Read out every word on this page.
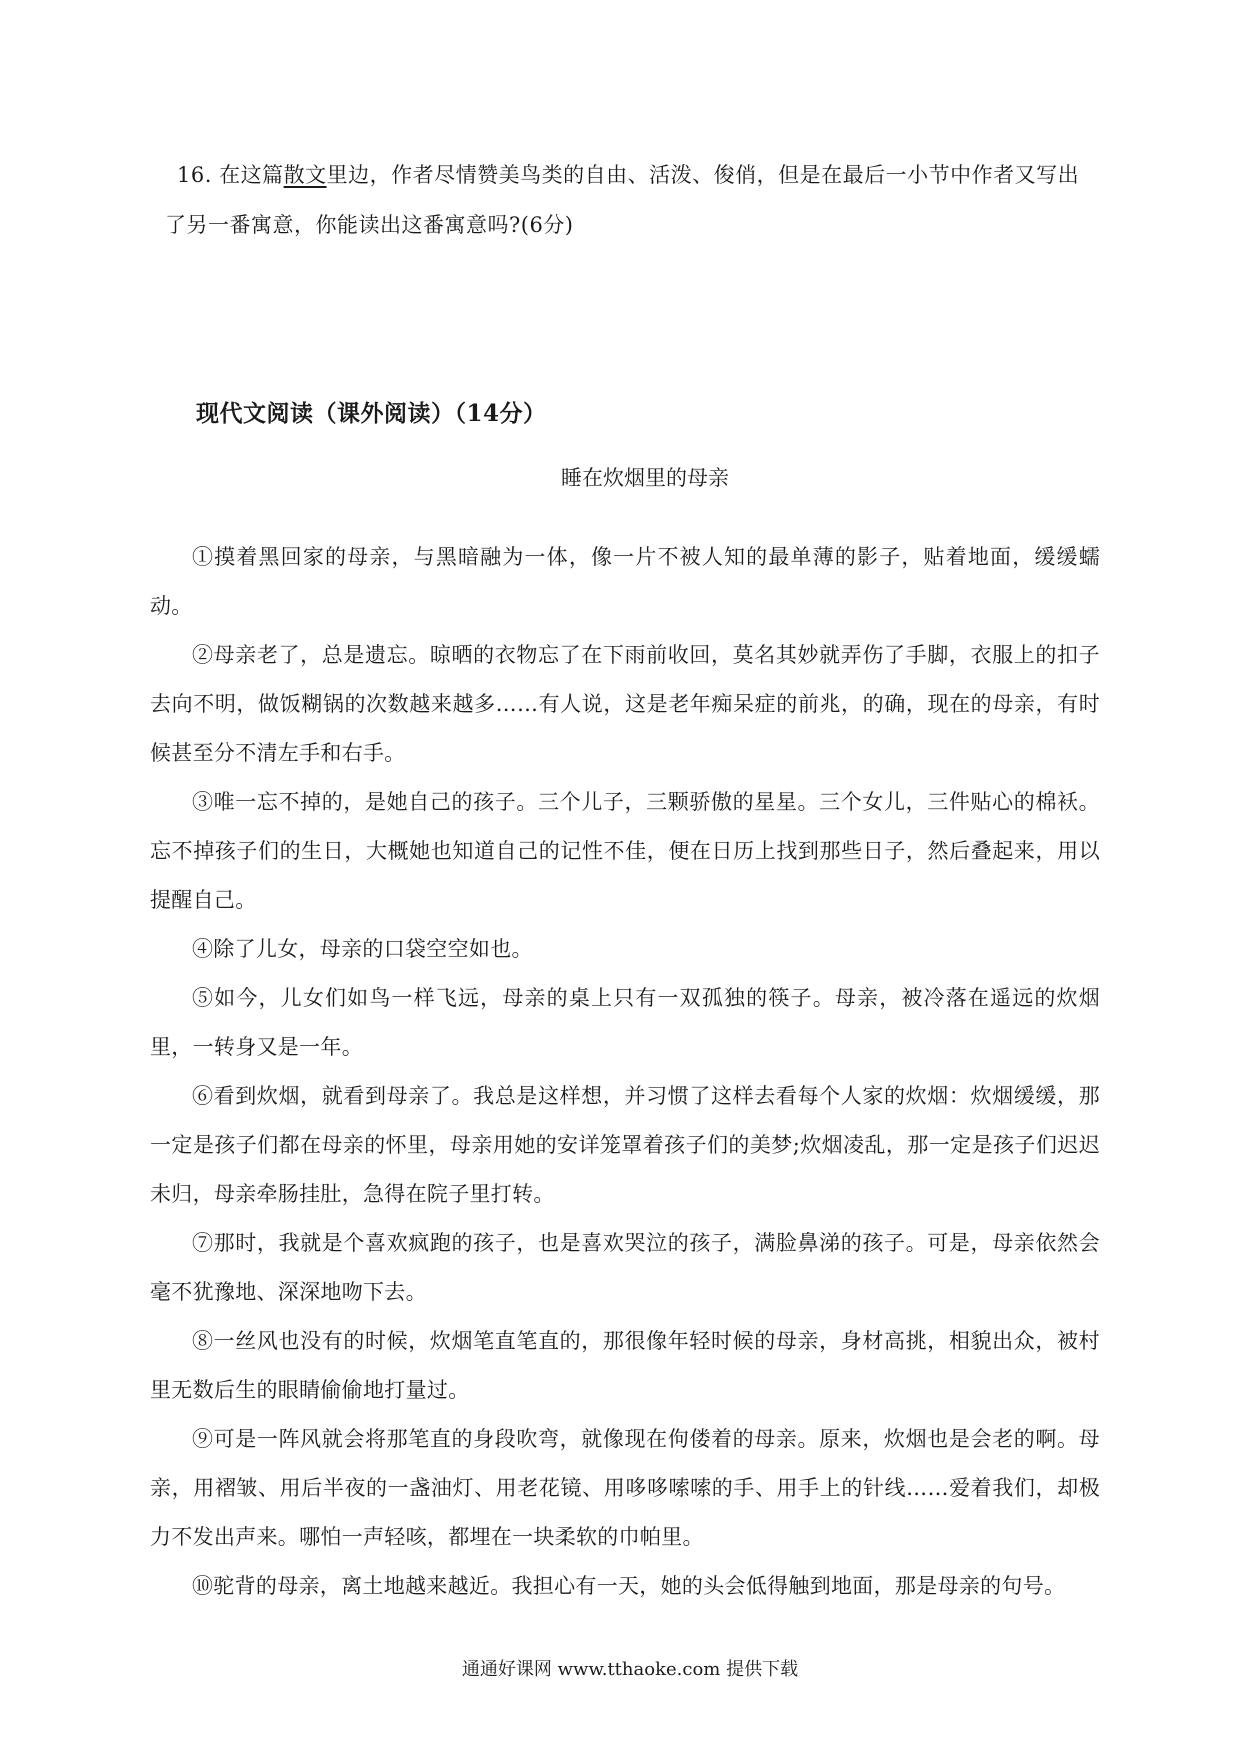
16. 在这篇散文里边，作者尽情赞美鸟类的自由、活泼、俊俏，但是在最后一小节中作者又写出了另一番寓意，你能读出这番寓意吗?(6分)
现代文阅读（课外阅读）（14分）
睡在炊烟里的母亲

①摸着黑回家的母亲，与黑暗融为一体，像一片不被人知的最单薄的影子，贴着地面，缓缓蠕动。

②母亲老了，总是遗忘。晾晒的衣物忘了在下雨前收回，莫名其妙就弄伤了手脚，衣服上的扣子去向不明，做饭糊锅的次数越来越多……有人说，这是老年痴呆症的前兆，的确，现在的母亲，有时候甚至分不清左手和右手。

③唯一忘不掉的，是她自己的孩子。三个儿子，三颗骄傲的星星。三个女儿，三件贴心的棉袄。忘不掉孩子们的生日，大概她也知道自己的记性不佳，便在日历上找到那些日子，然后叠起来，用以提醒自己。

④除了儿女，母亲的口袋空空如也。

⑤如今，儿女们如鸟一样飞远，母亲的桌上只有一双孤独的筷子。母亲，被冷落在遥远的炊烟里，一转身又是一年。

⑥看到炊烟，就看到母亲了。我总是这样想，并习惯了这样去看每个人家的炊烟：炊烟缓缓，那一定是孩子们都在母亲的怀里，母亲用她的安详笼罩着孩子们的美梦;炊烟凌乱，那一定是孩子们迟迟未归，母亲牵肠挂肚，急得在院子里打转。

⑦那时，我就是个喜欢疯跑的孩子，也是喜欢哭泣的孩子，满脸鼻涕的孩子。可是，母亲依然会毫不犹豫地、深深地吻下去。

⑧一丝风也没有的时候，炊烟笔直笔直的，那很像年轻时候的母亲，身材高挑，相貌出众，被村里无数后生的眼睛偷偷地打量过。

⑨可是一阵风就会将那笔直的身段吹弯，就像现在佝偻着的母亲。原来，炊烟也是会老的啊。母亲，用褶皱、用后半夜的一盏油灯、用老花镜、用哆哆嗦嗦的手、用手上的针线……爱着我们，却极力不发出声来。哪怕一声轻咳，都埋在一块柔软的巾帕里。

⑩驼背的母亲，离土地越来越近。我担心有一天，她的头会低得触到地面，那是母亲的句号。

通通好课网 www.tthaoke.com 提供下载
